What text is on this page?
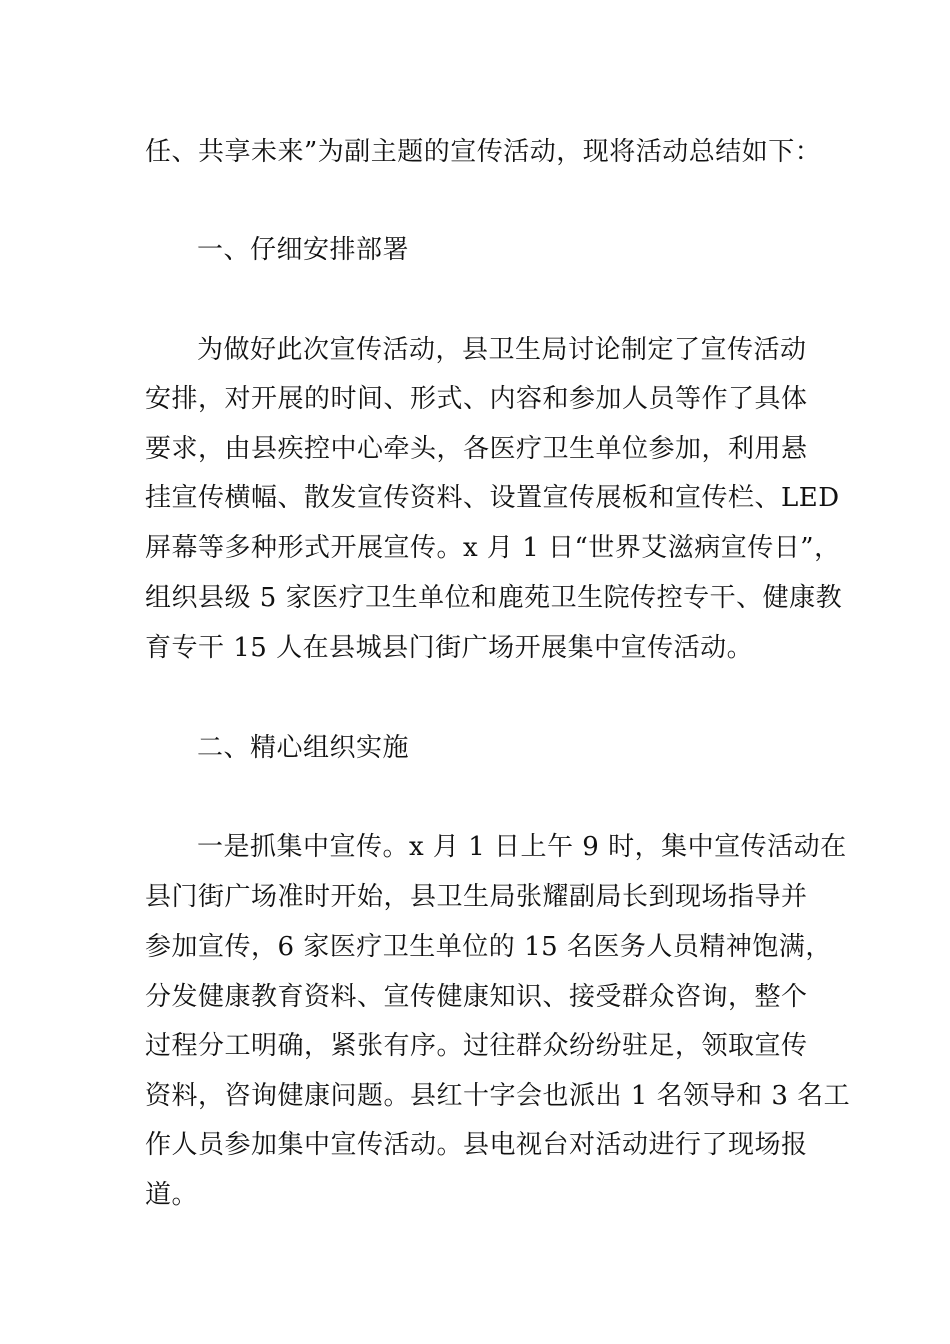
任、共享未来”为副主题的宣传活动，现将活动总结如下：
一、仔细安排部署
为做好此次宣传活动，县卫生局讨论制定了宣传活动
安排，对开展的时间、形式、内容和参加人员等作了具体
要求，由县疾控中心牵头，各医疗卫生单位参加，利用悬
挂宣传横幅、散发宣传资料、设置宣传展板和宣传栏、LED
屏幕等多种形式开展宣传。x 月 1 日“世界艾滋病宣传日”，
组织县级 5 家医疗卫生单位和鹿苑卫生院传控专干、健康教
育专干 15 人在县城县门街广场开展集中宣传活动。
二、精心组织实施
一是抓集中宣传。x 月 1 日上午 9 时，集中宣传活动在
县门街广场准时开始，县卫生局张耀副局长到现场指导并
参加宣传，6 家医疗卫生单位的 15 名医务人员精神饱满，
分发健康教育资料、宣传健康知识、接受群众咨询，整个
过程分工明确，紧张有序。过往群众纷纷驻足，领取宣传
资料，咨询健康问题。县红十字会也派出 1 名领导和 3 名工
作人员参加集中宣传活动。县电视台对活动进行了现场报
道。
